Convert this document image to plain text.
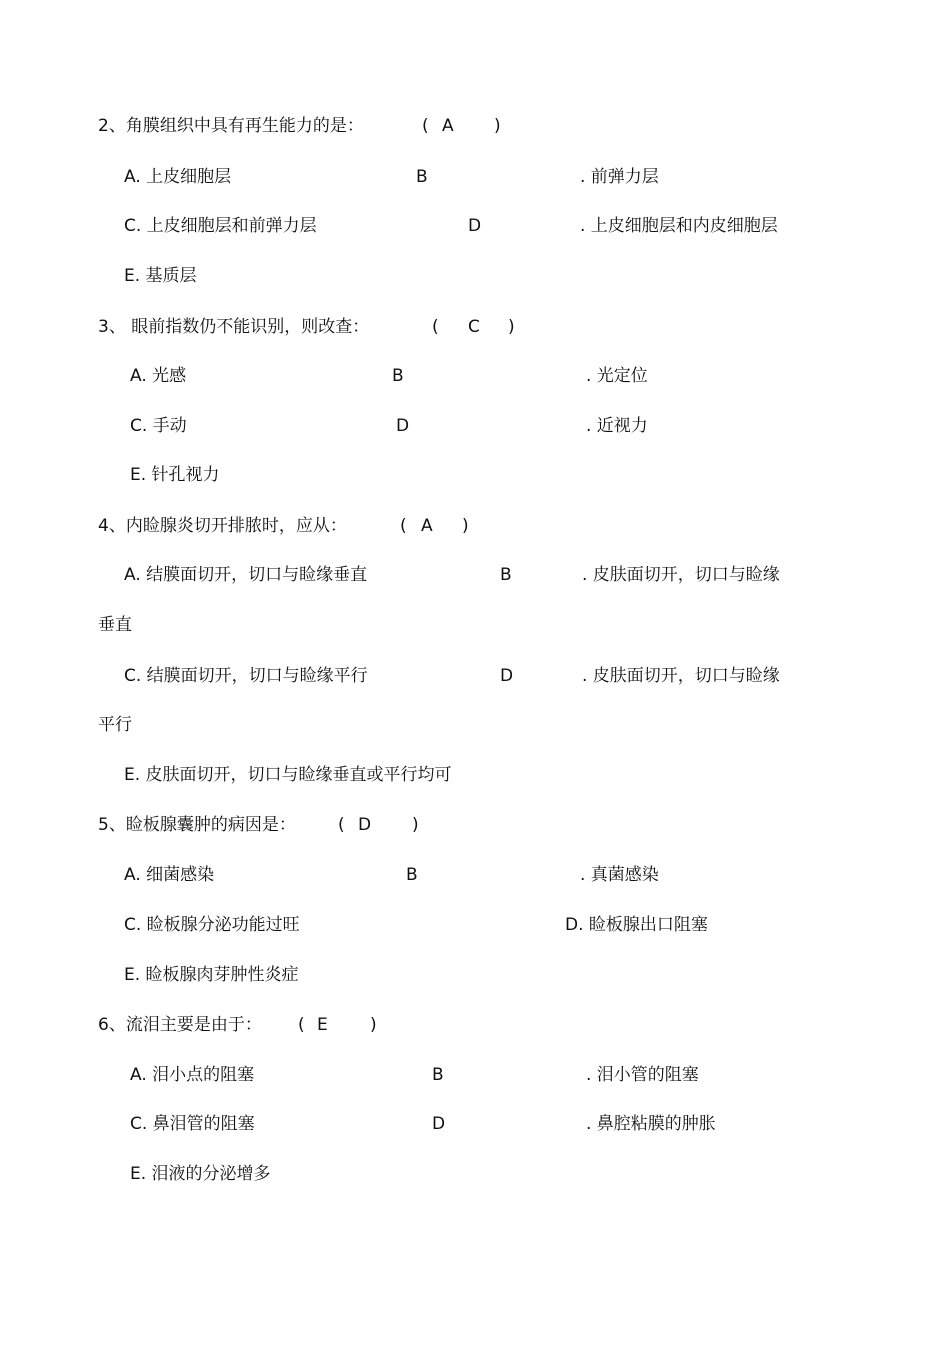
2、角膜组织中具有再生能力的是：	( A )
A. 上皮细胞层	B	. 前弹力层
C. 上皮细胞层和前弹力层	D	. 上皮细胞层和内皮细胞层
E. 基质层
3、 眼前指数仍不能识别，则改查：	( C )
A. 光感	B	. 光定位
C. 手动	D	. 近视力
E. 针孔视力
4、内睑腺炎切开排脓时，应从：	( A )
A. 结膜面切开，切口与睑缘垂直	B	. 皮肤面切开，切口与睑缘
垂直
C. 结膜面切开，切口与睑缘平行	D	. 皮肤面切开，切口与睑缘
平行
E. 皮肤面切开，切口与睑缘垂直或平行均可
5、睑板腺囊肿的病因是： ( D )
A. 细菌感染	B	. 真菌感染
C. 睑板腺分泌功能过旺	D. 睑板腺出口阻塞
E. 睑板腺肉芽肿性炎症
6、流泪主要是由于： ( E )
A. 泪小点的阻塞	B	. 泪小管的阻塞
C. 鼻泪管的阻塞	D	. 鼻腔粘膜的肿胀
E. 泪液的分泌增多
